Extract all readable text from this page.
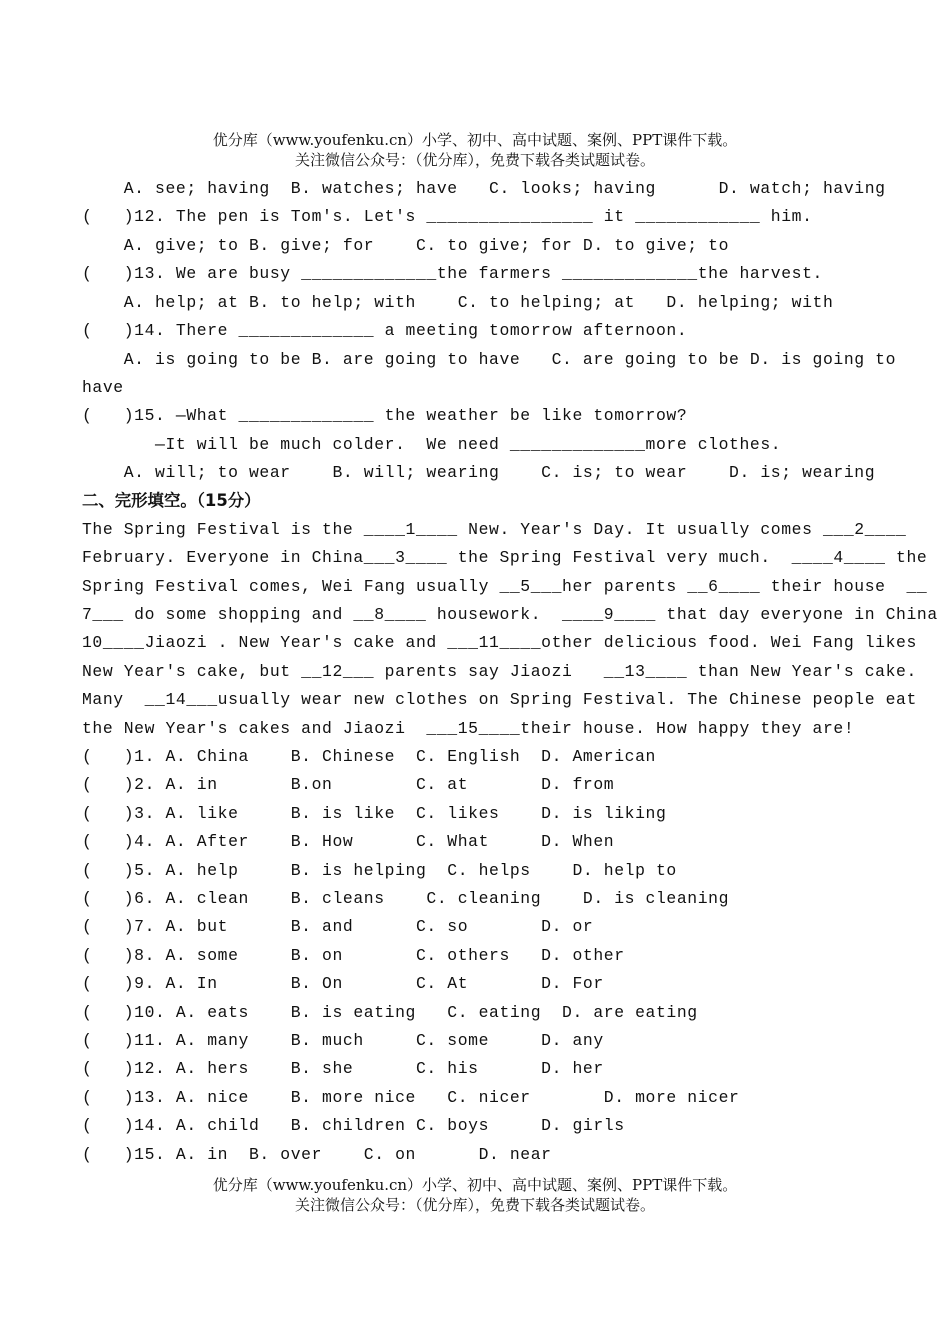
优分库（www.youfenku.cn）小学、初中、高中试题、案例、PPT课件下载。
关注微信公众号：（优分库），免费下载各类试题试卷。
A. see; having  B. watches; have   C. looks; having      D. watch; having
(   )12. The pen is Tom's. Let's ________________ it ____________ him.
A. give; to B. give; for    C. to give; for D. to give; to
(   )13. We are busy _____________the farmers _____________the harvest.
A. help; at B. to help; with    C. to helping; at   D. helping; with
(   )14. There _____________ a meeting tomorrow afternoon.
A. is going to be B. are going to have   C. are going to be D. is going to
have
(   )15. —What _____________ the weather be like tomorrow?
—It will be much colder.  We need _____________more clothes.
A. will; to wear    B. will; wearing    C. is; to wear    D. is; wearing
二、完形填空。（15分）
The Spring Festival is the ____1____ New. Year's Day. It usually comes ___2____
February. Everyone in China___3____ the Spring Festival very much.  ____4____ the
Spring Festival comes, Wei Fang usually __5___her parents __6____ their house  __
7___ do some shopping and __8____ housework.  ____9____ that day everyone in China
10____Jiaozi . New Year's cake and ___11____other delicious food. Wei Fang likes
New Year's cake, but __12___ parents say Jiaozi   __13____ than New Year's cake.
Many  __14___usually wear new clothes on Spring Festival. The Chinese people eat
the New Year's cakes and Jiaozi  ___15____their house. How happy they are!
(   )1. A. China    B. Chinese  C. English  D. American
(   )2. A. in       B.on        C. at       D. from
(   )3. A. like     B. is like  C. likes    D. is liking
(   )4. A. After    B. How      C. What     D. When
(   )5. A. help     B. is helping  C. helps    D. help to
(   )6. A. clean    B. cleans    C. cleaning    D. is cleaning
(   )7. A. but      B. and      C. so       D. or
(   )8. A. some     B. on       C. others   D. other
(   )9. A. In       B. On       C. At       D. For
(   )10. A. eats    B. is eating   C. eating  D. are eating
(   )11. A. many    B. much     C. some     D. any
(   )12. A. hers    B. she      C. his      D. her
(   )13. A. nice    B. more nice   C. nicer       D. more nicer
(   )14. A. child   B. children C. boys     D. girls
(   )15. A. in  B. over    C. on      D. near
优分库（www.youfenku.cn）小学、初中、高中试题、案例、PPT课件下载。
关注微信公众号：（优分库），免费下载各类试题试卷。
